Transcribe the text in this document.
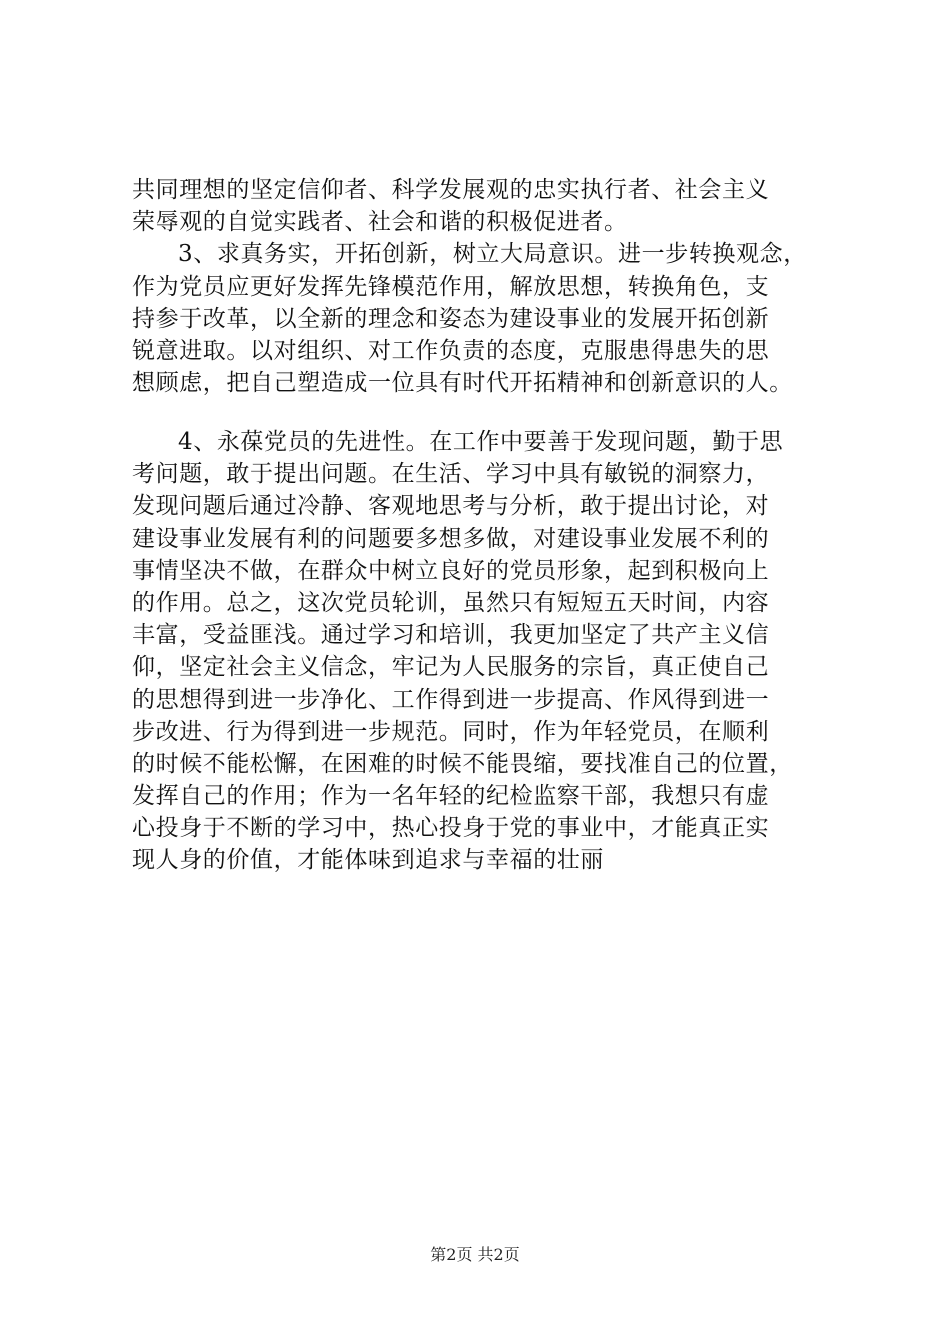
共同理想的坚定信仰者、科学发展观的忠实执行者、社会主义
荣辱观的自觉实践者、社会和谐的积极促进者。
3、求真务实，开拓创新，树立大局意识。进一步转换观念，
作为党员应更好发挥先锋模范作用，解放思想，转换角色，支
持参于改革，以全新的理念和姿态为建设事业的发展开拓创新
锐意进取。以对组织、对工作负责的态度，克服患得患失的思
想顾虑，把自己塑造成一位具有时代开拓精神和创新意识的人。
4、永葆党员的先进性。在工作中要善于发现问题，勤于思
考问题，敢于提出问题。在生活、学习中具有敏锐的洞察力，
发现问题后通过冷静、客观地思考与分析，敢于提出讨论，对
建设事业发展有利的问题要多想多做，对建设事业发展不利的
事情坚决不做，在群众中树立良好的党员形象，起到积极向上
的作用。总之，这次党员轮训，虽然只有短短五天时间，内容
丰富，受益匪浅。通过学习和培训，我更加坚定了共产主义信
仰，坚定社会主义信念，牢记为人民服务的宗旨，真正使自己
的思想得到进一步净化、工作得到进一步提高、作风得到进一
步改进、行为得到进一步规范。同时，作为年轻党员，在顺利
的时候不能松懈，在困难的时候不能畏缩，要找准自己的位置，
发挥自己的作用；作为一名年轻的纪检监察干部，我想只有虚
心投身于不断的学习中，热心投身于党的事业中，才能真正实
现人身的价值，才能体味到追求与幸福的壮丽
第2页 共2页
